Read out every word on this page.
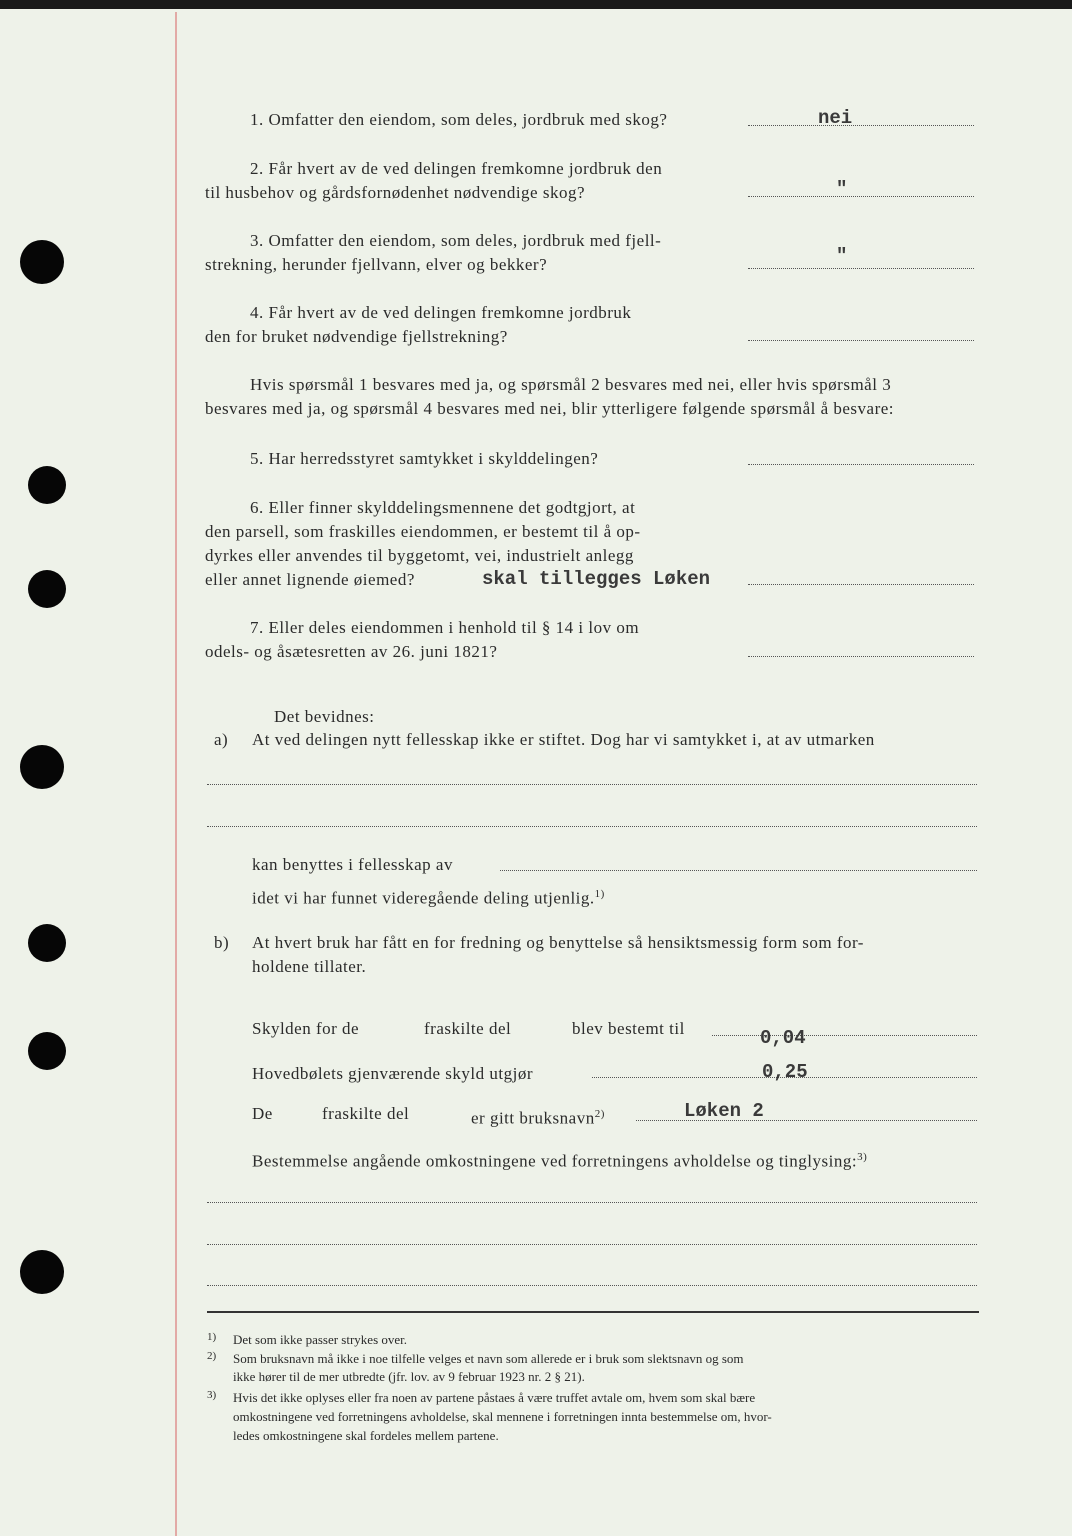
1. Omfatter den eiendom, som deles, jordbruk med skog?	nei
2. Får hvert av de ved delingen fremkomne jordbruk den
til husbehov og gårdsfornødenhet nødvendige skog?	"
3. Omfatter den eiendom, som deles, jordbruk med fjell-
strekning, herunder fjellvann, elver og bekker?	"
4. Får hvert av de ved delingen fremkomne jordbruk
den for bruket nødvendige fjellstrekning?
Hvis spørsmål 1 besvares med ja, og spørsmål 2 besvares med nei, eller hvis spørsmål 3
besvares med ja, og spørsmål 4 besvares med nei, blir ytterligere følgende spørsmål å besvare:
5. Har herredsstyret samtykket i skylddelingen?
6. Eller finner skylddelingsmennene det godtgjort, at
den parsell, som fraskilles eiendommen, er bestemt til å op-
dyrkes eller anvendes til byggetomt, vei, industrielt anlegg
eller annet lignende øiemed?	skal tillegges Løken
7. Eller deles eiendommen i henhold til § 14 i lov om
odels- og åsætesretten av 26. juni 1821?
Det bevidnes:
a) At ved delingen nytt fellesskap ikke er stiftet. Dog har vi samtykket i, at av utmarken
kan benyttes i fellesskap av
idet vi har funnet videregående deling utjenlig.$^{1)}$
b) At hvert bruk har fått en for fredning og benyttelse så hensiktsmessig form som for-
holdene tillater.
Skylden for de	fraskilte del	blev bestemt til	0,04
Hovedbølets gjenværende skyld utgjør	0,25
De	fraskilte del	er gitt bruksnavn$^{2)}$	Løken 2
Bestemmelse angående omkostningene ved forretningens avholdelse og tinglysing:$^{3)}$
1) Det som ikke passer strykes over.
2) Som bruksnavn må ikke i noe tilfelle velges et navn som allerede er i bruk som slektsnavn og som
ikke hører til de mer utbredte (jfr. lov. av 9 februar 1923 nr. 2 § 21).
3) Hvis det ikke oplyses eller fra noen av partene påstaes å være truffet avtale om, hvem som skal bære
omkostningene ved forretningens avholdelse, skal mennene i forretningen innta bestemmelse om, hvor-
ledes omkostningene skal fordeles mellem partene.
